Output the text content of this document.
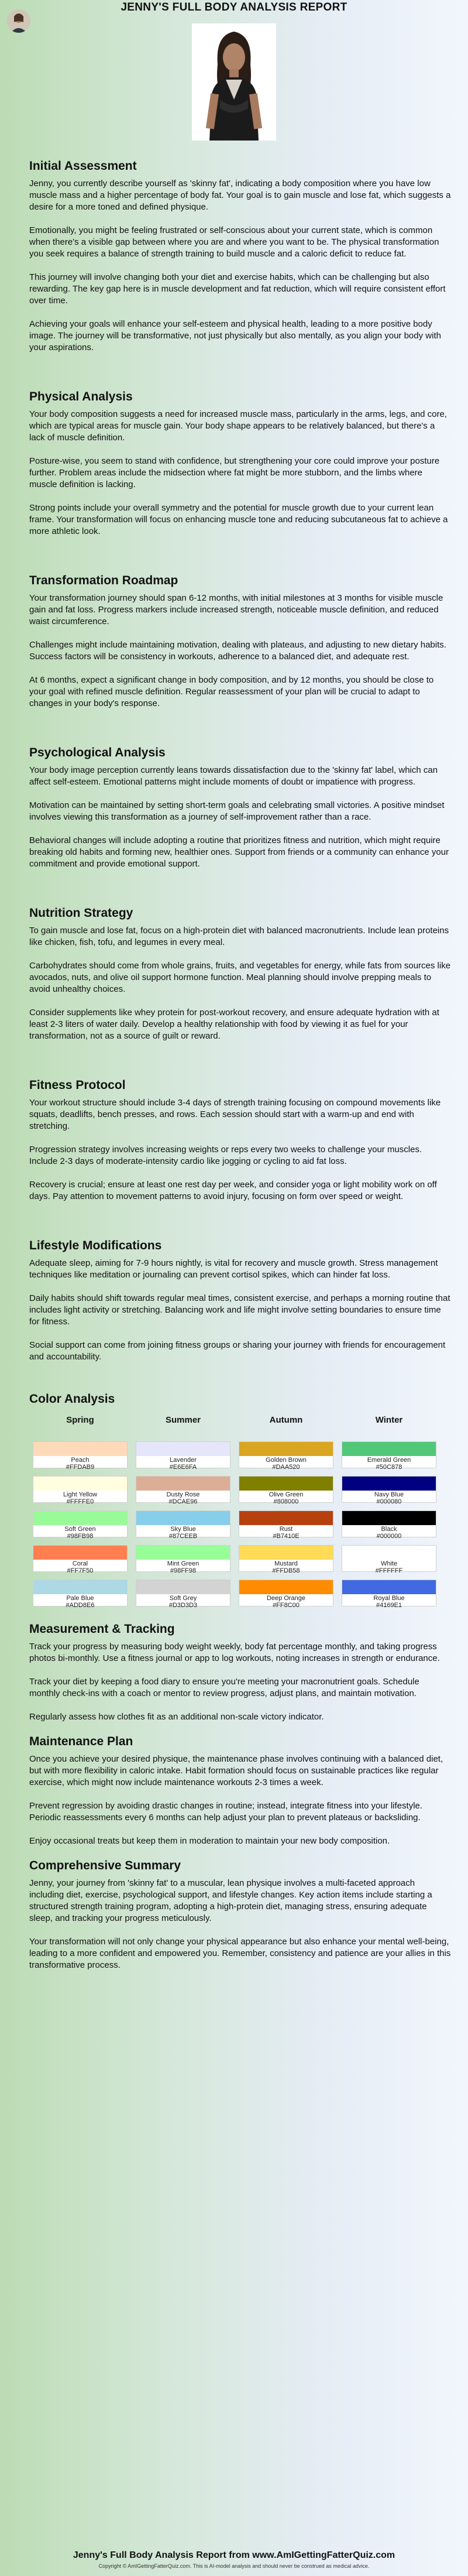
JENNY'S FULL BODY ANALYSIS REPORT
Initial Assessment

Jenny, you currently describe yourself as 'skinny fat', indicating a body composition where you have low muscle mass and a higher percentage of body fat. Your goal is to gain muscle and lose fat, which suggests a desire for a more toned and defined physique.

Emotionally, you might be feeling frustrated or self-conscious about your current state, which is common when there's a visible gap between where you are and where you want to be. The physical transformation you seek requires a balance of strength training to build muscle and a caloric deficit to reduce fat.

This journey will involve changing both your diet and exercise habits, which can be challenging but also rewarding. The key gap here is in muscle development and fat reduction, which will require consistent effort over time.

Achieving your goals will enhance your self-esteem and physical health, leading to a more positive body image. The journey will be transformative, not just physically but also mentally, as you align your body with your aspirations.

Physical Analysis

Your body composition suggests a need for increased muscle mass, particularly in the arms, legs, and core, which are typical areas for muscle gain. Your body shape appears to be relatively balanced, but there's a lack of muscle definition.

Posture-wise, you seem to stand with confidence, but strengthening your core could improve your posture further. Problem areas include the midsection where fat might be more stubborn, and the limbs where muscle definition is lacking.

Strong points include your overall symmetry and the potential for muscle growth due to your current lean frame. Your transformation will focus on enhancing muscle tone and reducing subcutaneous fat to achieve a more athletic look.

Transformation Roadmap

Your transformation journey should span 6-12 months, with initial milestones at 3 months for visible muscle gain and fat loss. Progress markers include increased strength, noticeable muscle definition, and reduced waist circumference.

Challenges might include maintaining motivation, dealing with plateaus, and adjusting to new dietary habits. Success factors will be consistency in workouts, adherence to a balanced diet, and adequate rest.

At 6 months, expect a significant change in body composition, and by 12 months, you should be close to your goal with refined muscle definition. Regular reassessment of your plan will be crucial to adapt to changes in your body's response.

Psychological Analysis

Your body image perception currently leans towards dissatisfaction due to the 'skinny fat' label, which can affect self-esteem. Emotional patterns might include moments of doubt or impatience with progress.

Motivation can be maintained by setting short-term goals and celebrating small victories. A positive mindset involves viewing this transformation as a journey of self-improvement rather than a race.

Behavioral changes will include adopting a routine that prioritizes fitness and nutrition, which might require breaking old habits and forming new, healthier ones. Support from friends or a community can enhance your commitment and provide emotional support.

Nutrition Strategy

To gain muscle and lose fat, focus on a high-protein diet with balanced macronutrients. Include lean proteins like chicken, fish, tofu, and legumes in every meal.

Carbohydrates should come from whole grains, fruits, and vegetables for energy, while fats from sources like avocados, nuts, and olive oil support hormone function. Meal planning should involve prepping meals to avoid unhealthy choices.

Consider supplements like whey protein for post-workout recovery, and ensure adequate hydration with at least 2-3 liters of water daily. Develop a healthy relationship with food by viewing it as fuel for your transformation, not as a source of guilt or reward.

Fitness Protocol

Your workout structure should include 3-4 days of strength training focusing on compound movements like squats, deadlifts, bench presses, and rows. Each session should start with a warm-up and end with stretching.

Progression strategy involves increasing weights or reps every two weeks to challenge your muscles. Include 2-3 days of moderate-intensity cardio like jogging or cycling to aid fat loss.

Recovery is crucial; ensure at least one rest day per week, and consider yoga or light mobility work on off days. Pay attention to movement patterns to avoid injury, focusing on form over speed or weight.

Lifestyle Modifications

Adequate sleep, aiming for 7-9 hours nightly, is vital for recovery and muscle growth. Stress management techniques like meditation or journaling can prevent cortisol spikes, which can hinder fat loss.

Daily habits should shift towards regular meal times, consistent exercise, and perhaps a morning routine that includes light activity or stretching. Balancing work and life might involve setting boundaries to ensure time for fitness.

Social support can come from joining fitness groups or sharing your journey with friends for encouragement and accountability.

Color Analysis
Spring
Peach
#FFDAB9
Light Yellow
#FFFFE0
Soft Green
#98FB98
Coral
#FF7F50
Pale Blue
#ADD8E6
Summer
Lavender
#E6E6FA
Dusty Rose
#DCAE96
Sky Blue
#87CEEB
Mint Green
#98FF98
Soft Grey
#D3D3D3
Autumn
Golden Brown
#DAA520
Olive Green
#808000
Rust
#B7410E
Mustard
#FFDB58
Deep Orange
#FF8C00
Winter
Emerald Green
#50C878
Navy Blue
#000080
Black
#000000
White
#FFFFFF
Royal Blue
#4169E1
Measurement & Tracking

Track your progress by measuring body weight weekly, body fat percentage monthly, and taking progress photos bi-monthly. Use a fitness journal or app to log workouts, noting increases in strength or endurance.

Track your diet by keeping a food diary to ensure you're meeting your macronutrient goals. Schedule monthly check-ins with a coach or mentor to review progress, adjust plans, and maintain motivation.

Regularly assess how clothes fit as an additional non-scale victory indicator.

Maintenance Plan

Once you achieve your desired physique, the maintenance phase involves continuing with a balanced diet, but with more flexibility in caloric intake. Habit formation should focus on sustainable practices like regular exercise, which might now include maintenance workouts 2-3 times a week.

Prevent regression by avoiding drastic changes in routine; instead, integrate fitness into your lifestyle. Periodic reassessments every 6 months can help adjust your plan to prevent plateaus or backsliding.

Enjoy occasional treats but keep them in moderation to maintain your new body composition.

Comprehensive Summary

Jenny, your journey from 'skinny fat' to a muscular, lean physique involves a multi-faceted approach including diet, exercise, psychological support, and lifestyle changes. Key action items include starting a structured strength training program, adopting a high-protein diet, managing stress, ensuring adequate sleep, and tracking your progress meticulously.

Your transformation will not only change your physical appearance but also enhance your mental well-being, leading to a more confident and empowered you. Remember, consistency and patience are your allies in this transformative process.

Jenny's Full Body Analysis Report from www.AmIGettingFatterQuiz.com
Copyright © AmIGettingFatterQuiz.com. This is AI-model analysis and should never be construed as medical advice.
